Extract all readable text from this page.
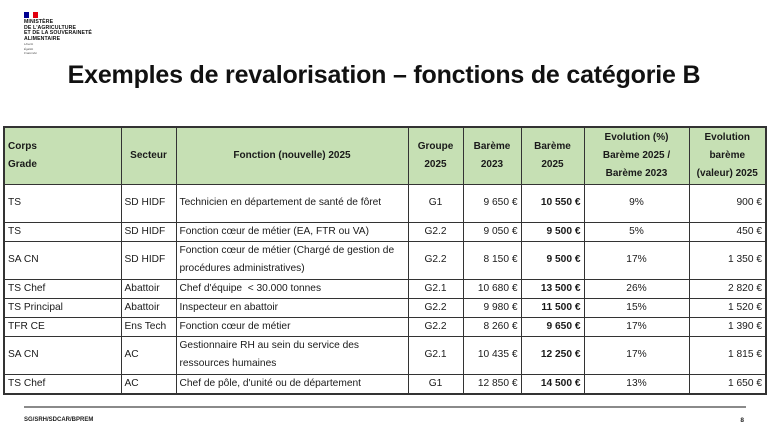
MINISTÈRE
DE L'AGRICULTURE
ET DE LA SOUVERAINETÉ
ALIMENTAIRE
Liberté
Égalité
Fraternité
Exemples de revalorisation – fonctions de catégorie B
Corps
Grade	Secteur	Fonction (nouvelle) 2025	Groupe 2025	Barème 2023	Barème 2025	Evolution (%) Barème 2025 / Barème 2023	Evolution barème (valeur) 2025
TS	SD HIDF	Technicien en département de santé de fôret	G1	9 650 €	10 550 €	9%	900 €
TS	SD HIDF	Fonction cœur de métier (EA, FTR ou VA)	G2.2	9 050 €	9 500 €	5%	450 €
SA CN	SD HIDF	Fonction cœur de métier (Chargé de gestion de procédures administratives)	G2.2	8 150 €	9 500 €	17%	1 350 €
TS Chef	Abattoir	Chef d'équipe  < 30.000 tonnes	G2.1	10 680 €	13 500 €	26%	2 820 €
TS Principal	Abattoir	Inspecteur en abattoir	G2.2	9 980 €	11 500 €	15%	1 520 €
TFR CE	Ens Tech	Fonction cœur de métier	G2.2	8 260 €	9 650 €	17%	1 390 €
SA CN	AC	Gestionnaire RH au sein du service des ressources humaines	G2.1	10 435 €	12 250 €	17%	1 815 €
TS Chef	AC	Chef de pôle, d'unité ou de département	G1	12 850 €	14 500 €	13%	1 650 €
SG/SRH/SDCAR/BPREM	8
